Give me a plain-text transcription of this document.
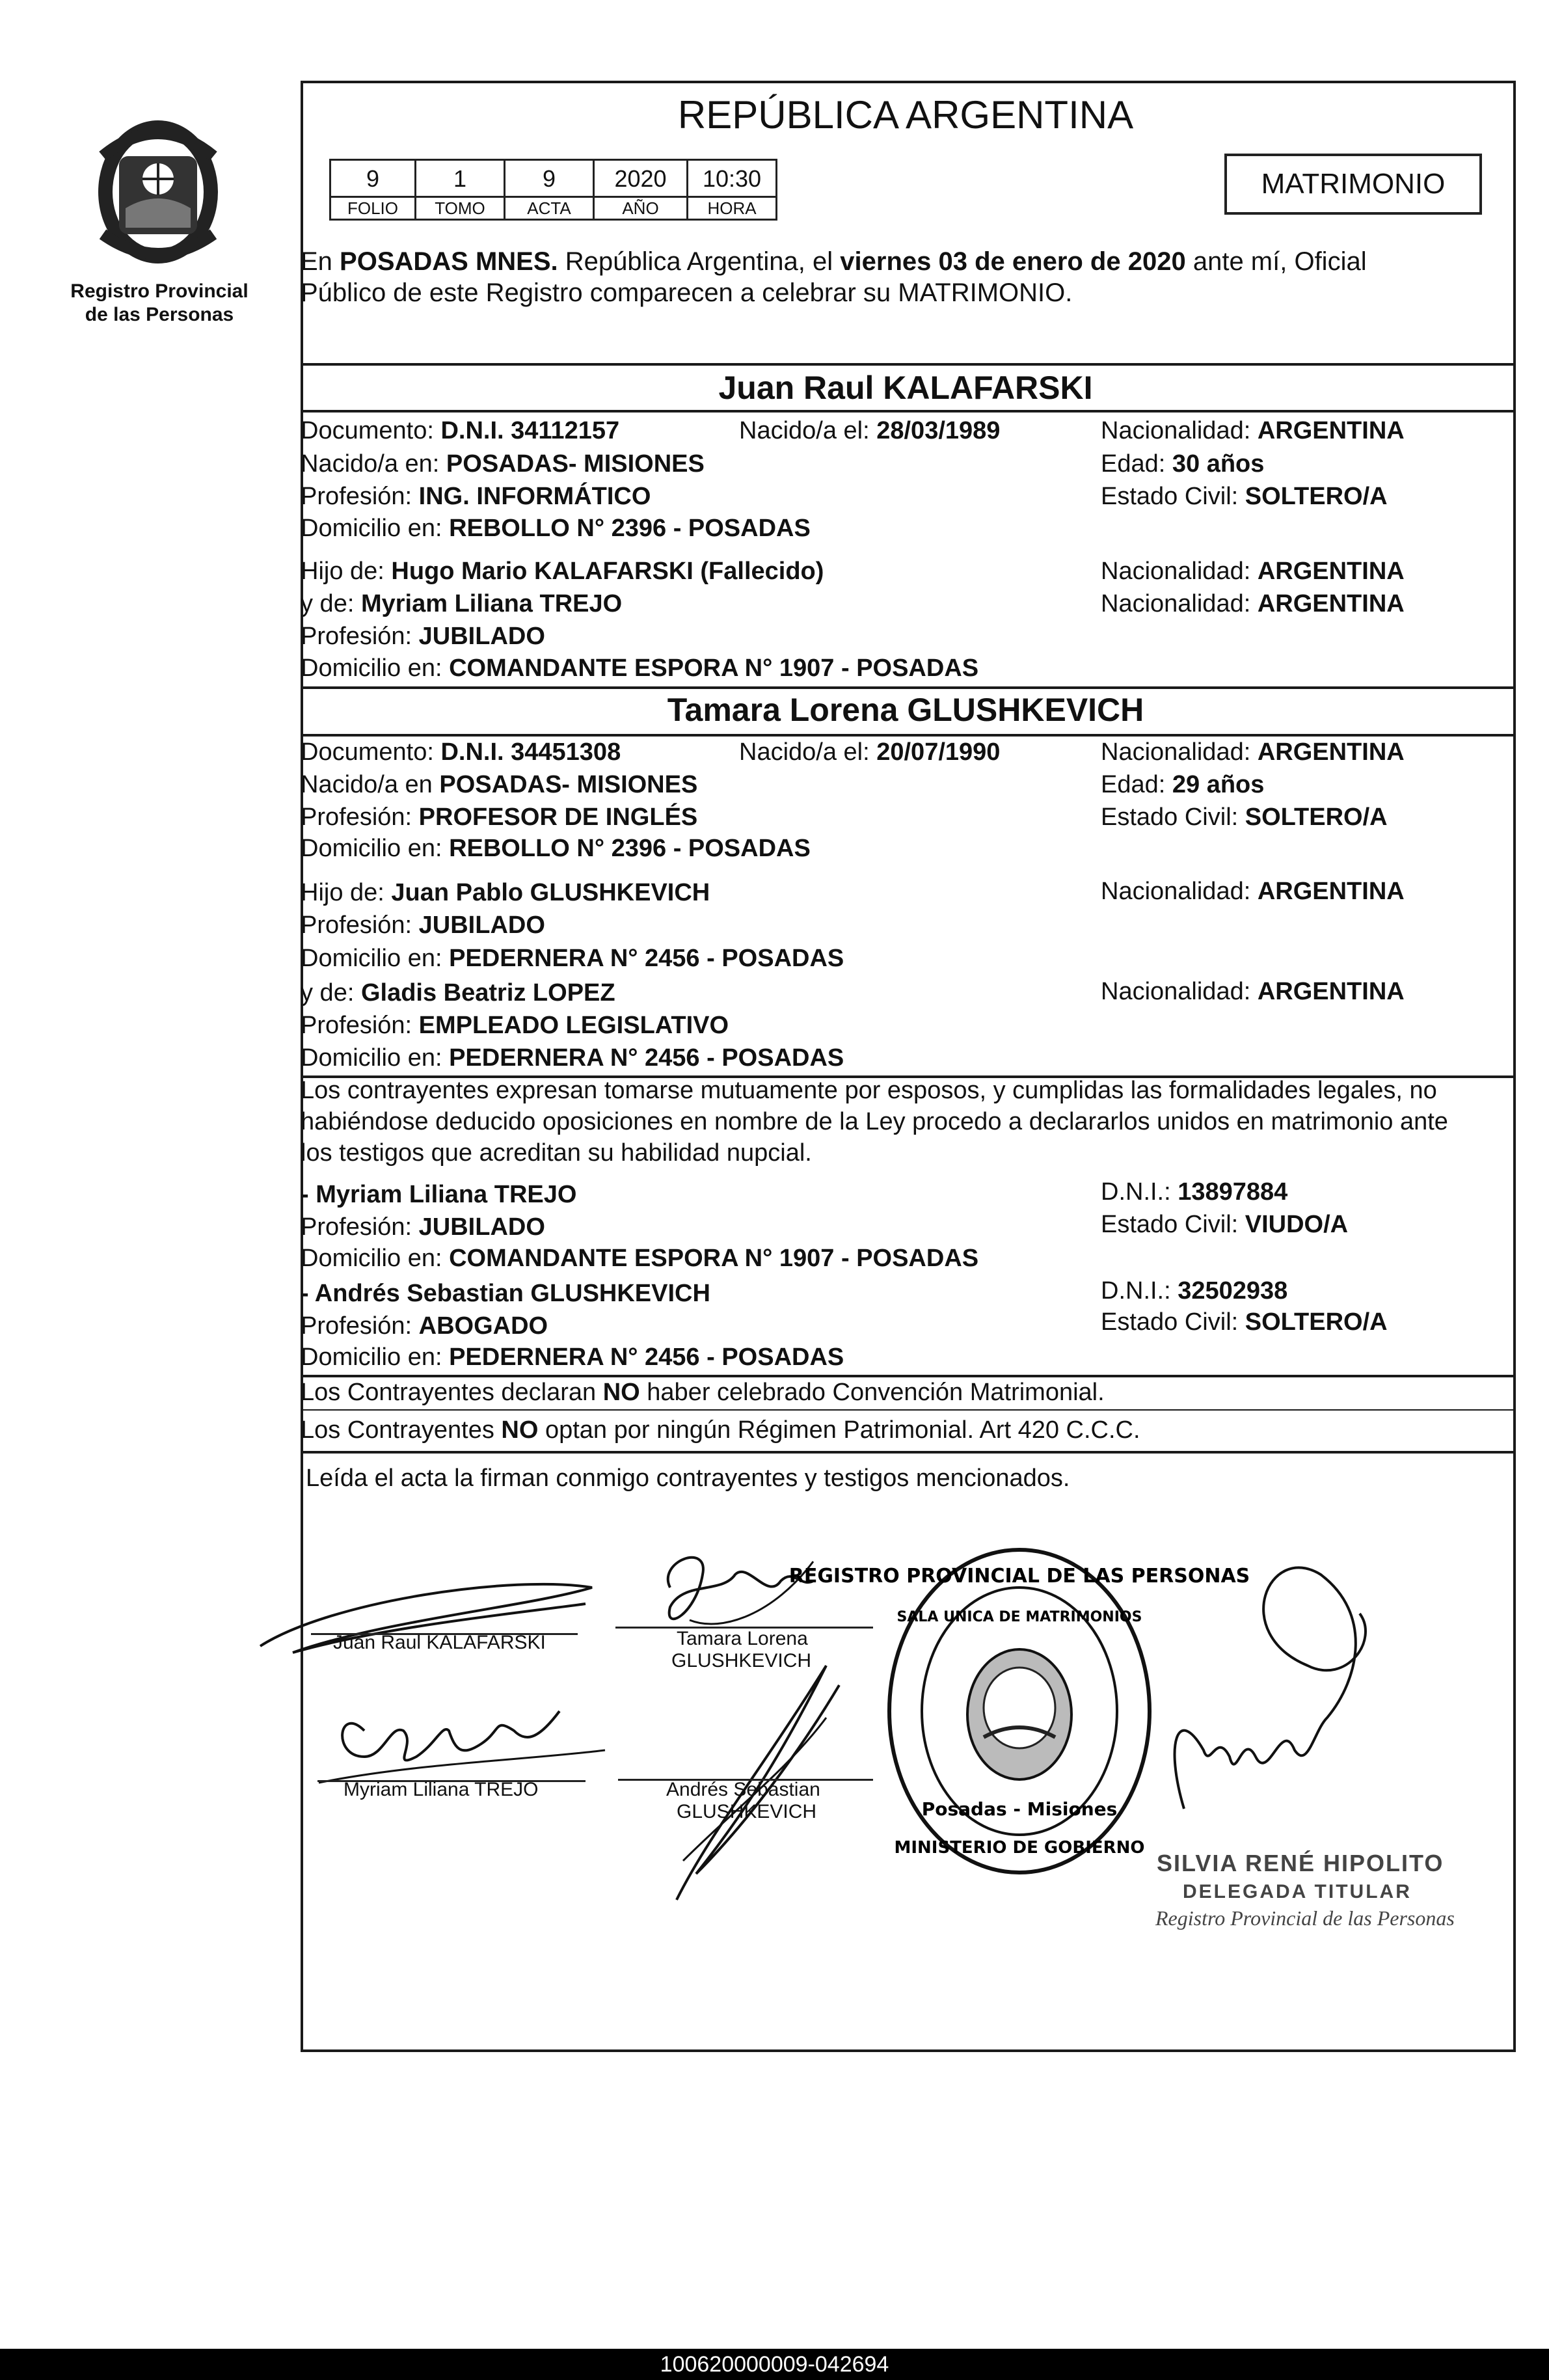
Registro Provincial
de las Personas
REPÚBLICA ARGENTINA
9	1	9	2020	10:30
FOLIO	TOMO	ACTA	AÑO	HORA
MATRIMONIO
En POSADAS MNES. República Argentina, el viernes 03 de enero de 2020 ante mí, Oficial
Público de este Registro comparecen a celebrar su MATRIMONIO.
Juan Raul KALAFARSKI
Documento: D.N.I. 34112157	Nacido/a el: 28/03/1989	Nacionalidad: ARGENTINA
Nacido/a en: POSADAS- MISIONES	Edad: 30 años
Profesión: ING. INFORMÁTICO	Estado Civil: SOLTERO/A
Domicilio en: REBOLLO N° 2396 - POSADAS
Hijo de: Hugo Mario KALAFARSKI (Fallecido)	Nacionalidad: ARGENTINA
y de: Myriam Liliana TREJO	Nacionalidad: ARGENTINA
Profesión: JUBILADO
Domicilio en: COMANDANTE ESPORA N° 1907 - POSADAS
Tamara Lorena GLUSHKEVICH
Documento: D.N.I. 34451308	Nacido/a el: 20/07/1990	Nacionalidad: ARGENTINA
Nacido/a en POSADAS- MISIONES	Edad: 29 años
Profesión: PROFESOR DE INGLÉS	Estado Civil: SOLTERO/A
Domicilio en: REBOLLO N° 2396 - POSADAS
Hijo de: Juan Pablo GLUSHKEVICH	Nacionalidad: ARGENTINA
Profesión: JUBILADO
Domicilio en: PEDERNERA N° 2456 - POSADAS
y de: Gladis Beatriz LOPEZ	Nacionalidad: ARGENTINA
Profesión: EMPLEADO LEGISLATIVO
Domicilio en: PEDERNERA N° 2456 - POSADAS
Los contrayentes expresan tomarse mutuamente por esposos, y cumplidas las formalidades legales, no
habiéndose deducido oposiciones en nombre de la Ley procedo a declararlos unidos en matrimonio ante
los testigos que acreditan su habilidad nupcial.
- Myriam Liliana TREJO	D.N.I.: 13897884
Profesión: JUBILADO	Estado Civil: VIUDO/A
Domicilio en: COMANDANTE ESPORA N° 1907 - POSADAS
- Andrés Sebastian GLUSHKEVICH	D.N.I.: 32502938
Profesión: ABOGADO	Estado Civil: SOLTERO/A
Domicilio en: PEDERNERA N° 2456 - POSADAS
Los Contrayentes declaran NO haber celebrado Convención Matrimonial.
Los Contrayentes NO optan por ningún Régimen Patrimonial. Art 420 C.C.C.
Leída el acta la firman conmigo contrayentes y testigos mencionados.
Juan Raul KALAFARSKI	Tamara Lorena
GLUSHKEVICH
Myriam Liliana TREJO	Andrés Sebastian
GLUSHKEVICH
REGISTRO PROVINCIAL DE LAS PERSONAS
SALA UNICA DE MATRIMONIOS
Posadas - Misiones
MINISTERIO DE GOBIERNO
SILVIA RENÉ HIPOLITO
DELEGADA TITULAR
Registro Provincial de las Personas
100620000009-042694
